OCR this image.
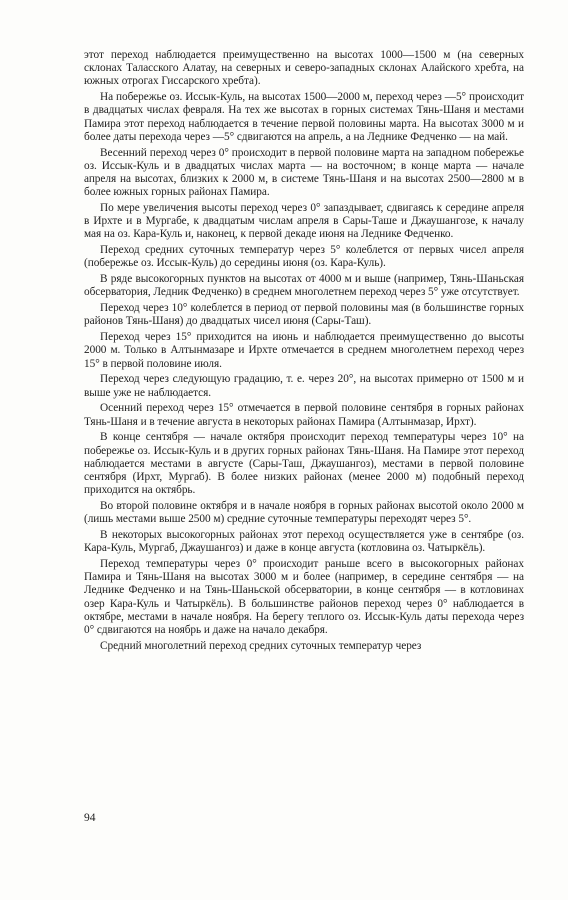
этот переход наблюдается преимущественно на высотах 1000—1500 м (на северных склонах Таласского Алатау, на северных и северо-западных склонах Алайского хребта, на южных отрогах Гиссарского хребта).

На побережье оз. Иссык-Куль, на высотах 1500—2000 м, переход через —5° происходит в двадцатых числах февраля. На тех же высотах в горных системах Тянь-Шаня и местами Памира этот переход наблюдается в течение первой половины марта. На высотах 3000 м и более даты перехода через —5° сдвигаются на апрель, а на Леднике Федченко — на май.

Весенний переход через 0° происходит в первой половине марта на западном побережье оз. Иссык-Куль и в двадцатых числах марта — на восточном; в конце марта — начале апреля на высотах, близких к 2000 м, в системе Тянь-Шаня и на высотах 2500—2800 м в более южных горных районах Памира.

По мере увеличения высоты переход через 0° запаздывает, сдвигаясь к середине апреля в Ирхте и в Мургабе, к двадцатым числам апреля в Сары-Таше и Джаушангозе, к началу мая на оз. Кара-Куль и, наконец, к первой декаде июня на Леднике Федченко.

Переход средних суточных температур через 5° колеблется от первых чисел апреля (побережье оз. Иссык-Куль) до середины июня (оз. Кара-Куль).

В ряде высокогорных пунктов на высотах от 4000 м и выше (например, Тянь-Шаньская обсерватория, Ледник Федченко) в среднем многолетнем переход через 5° уже отсутствует.

Переход через 10° колеблется в период от первой половины мая (в большинстве горных районов Тянь-Шаня) до двадцатых чисел июня (Сары-Таш).

Переход через 15° приходится на июнь и наблюдается преимущественно до высоты 2000 м. Только в Алтынмазаре и Ирхте отмечается в среднем многолетнем переход через 15° в первой половине июля.

Переход через следующую градацию, т. е. через 20°, на высотах примерно от 1500 м и выше уже не наблюдается.

Осенний переход через 15° отмечается в первой половине сентября в горных районах Тянь-Шаня и в течение августа в некоторых районах Памира (Алтынмазар, Ирхт).

В конце сентября — начале октября происходит переход температуры через 10° на побережье оз. Иссык-Куль и в других горных районах Тянь-Шаня. На Памире этот переход наблюдается местами в августе (Сары-Таш, Джаушангоз), местами в первой половине сентября (Ирхт, Мургаб). В более низких районах (менее 2000 м) подобный переход приходится на октябрь.

Во второй половине октября и в начале ноября в горных районах высотой около 2000 м (лишь местами выше 2500 м) средние суточные температуры переходят через 5°.

В некоторых высокогорных районах этот переход осуществляется уже в сентябре (оз. Кара-Куль, Мургаб, Джаушангоз) и даже в конце августа (котловина оз. Чатыркёль).

Переход температуры через 0° происходит раньше всего в высокогорных районах Памира и Тянь-Шаня на высотах 3000 м и более (например, в середине сентября — на Леднике Федченко и на Тянь-Шаньской обсерватории, в конце сентября — в котловинах озер Кара-Куль и Чатыркёль). В большинстве районов переход через 0° наблюдается в октябре, местами в начале ноября. На берегу теплого оз. Иссык-Куль даты перехода через 0° сдвигаются на ноябрь и даже на начало декабря.

Средний многолетний переход средних суточных температур через

94
